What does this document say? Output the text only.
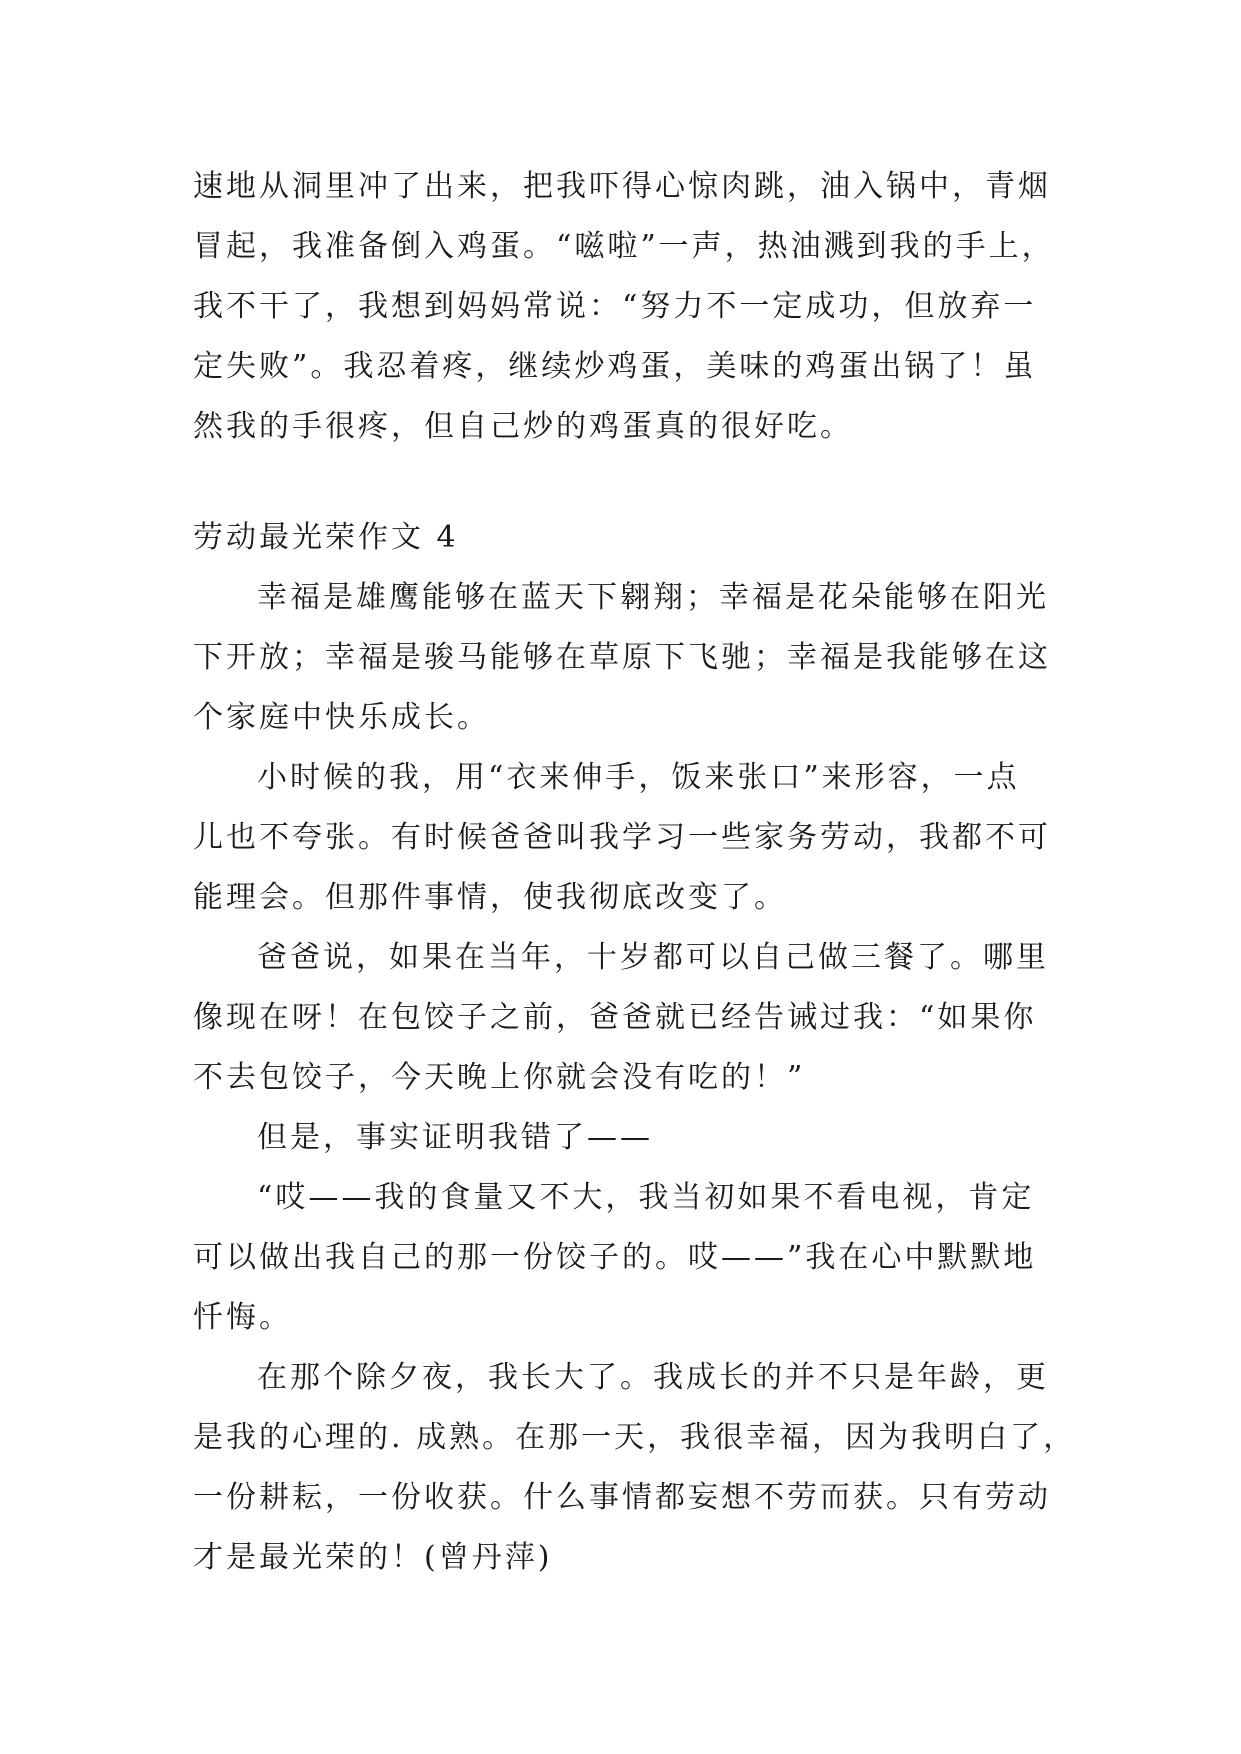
速地从洞里冲了出来，把我吓得心惊肉跳，油入锅中，青烟

冒起，我准备倒入鸡蛋。“嗞啦”一声，热油溅到我的手上，

我不干了，我想到妈妈常说：“努力不一定成功，但放弃一

定失败”。我忍着疼，继续炒鸡蛋，美味的鸡蛋出锅了！虽

然我的手很疼，但自己炒的鸡蛋真的很好吃。

劳动最光荣作文 4

幸福是雄鹰能够在蓝天下翱翔；幸福是花朵能够在阳光

下开放；幸福是骏马能够在草原下飞驰；幸福是我能够在这

个家庭中快乐成长。

小时候的我，用“衣来伸手，饭来张口”来形容，一点

儿也不夸张。有时候爸爸叫我学习一些家务劳动，我都不可

能理会。但那件事情，使我彻底改变了。

爸爸说，如果在当年，十岁都可以自己做三餐了。哪里

像现在呀！在包饺子之前，爸爸就已经告诫过我：“如果你

不去包饺子，今天晚上你就会没有吃的！”

但是，事实证明我错了——

“哎——我的食量又不大，我当初如果不看电视，肯定

可以做出我自己的那一份饺子的。哎——”我在心中默默地

忏悔。

在那个除夕夜，我长大了。我成长的并不只是年龄，更

是我的心理的. 成熟。在那一天，我很幸福，因为我明白了，

一份耕耘，一份收获。什么事情都妄想不劳而获。只有劳动

才是最光荣的！(曾丹萍)
